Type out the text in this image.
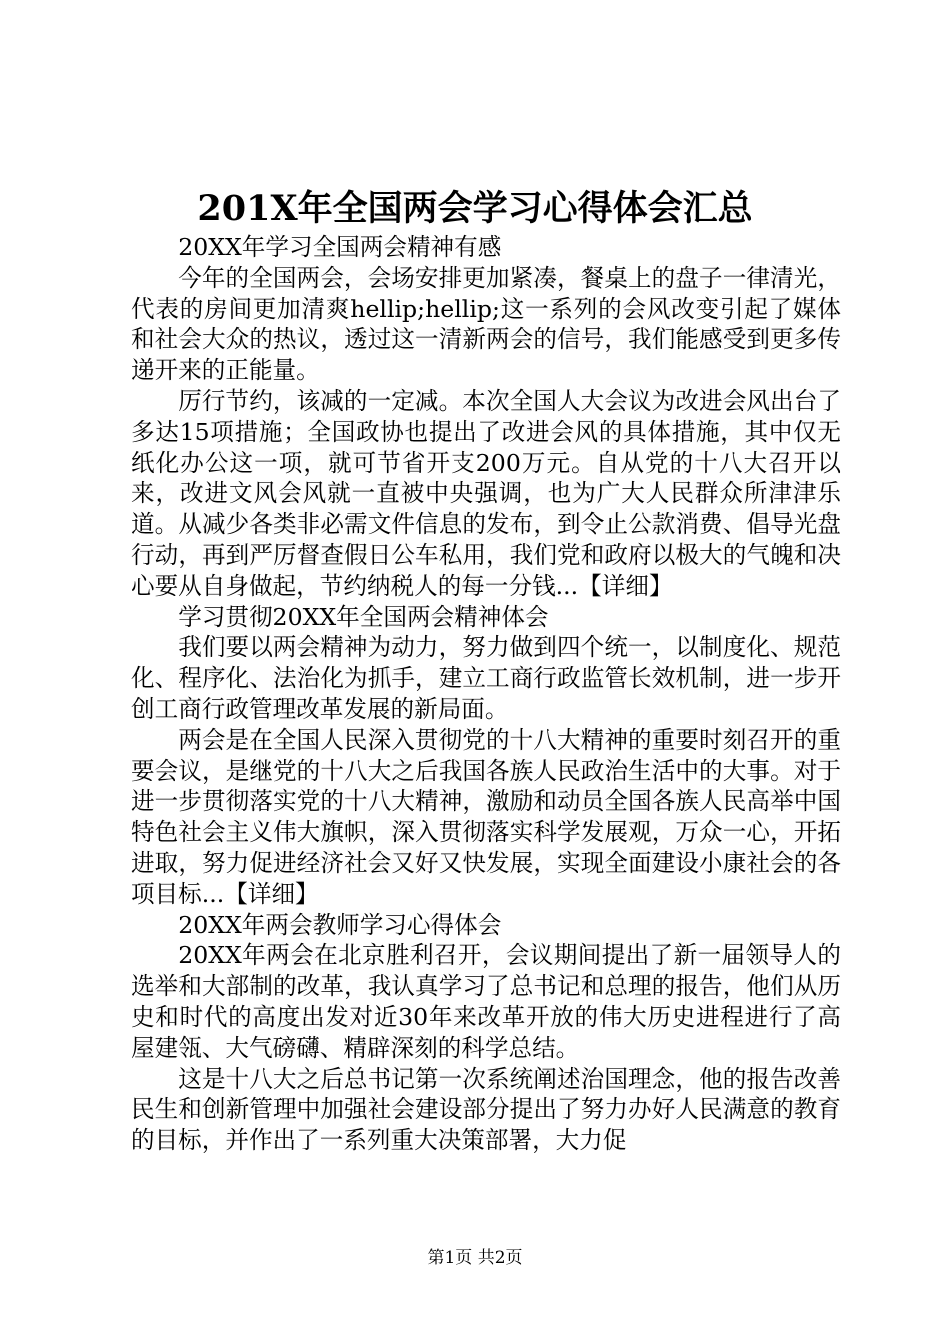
201X年全国两会学习心得体会汇总

20XX年学习全国两会精神有感

今年的全国两会，会场安排更加紧凑，餐桌上的盘子一律清光，代表的房间更加清爽hellip;hellip;这一系列的会风改变引起了媒体和社会大众的热议，透过这一清新两会的信号，我们能感受到更多传递开来的正能量。

厉行节约，该减的一定减。本次全国人大会议为改进会风出台了多达15项措施；全国政协也提出了改进会风的具体措施，其中仅无纸化办公这一项，就可节省开支200万元。自从党的十八大召开以来，改进文风会风就一直被中央强调，也为广大人民群众所津津乐道。从减少各类非必需文件信息的发布，到令止公款消费、倡导光盘行动，再到严厉督查假日公车私用，我们党和政府以极大的气魄和决心要从自身做起，节约纳税人的每一分钱...【详细】

学习贯彻20XX年全国两会精神体会

我们要以两会精神为动力，努力做到四个统一，以制度化、规范化、程序化、法治化为抓手，建立工商行政监管长效机制，进一步开创工商行政管理改革发展的新局面。

两会是在全国人民深入贯彻党的十八大精神的重要时刻召开的重要会议，是继党的十八大之后我国各族人民政治生活中的大事。对于进一步贯彻落实党的十八大精神，激励和动员全国各族人民高举中国特色社会主义伟大旗帜，深入贯彻落实科学发展观，万众一心，开拓进取，努力促进经济社会又好又快发展，实现全面建设小康社会的各项目标...【详细】

20XX年两会教师学习心得体会

20XX年两会在北京胜利召开，会议期间提出了新一届领导人的选举和大部制的改革，我认真学习了总书记和总理的报告，他们从历史和时代的高度出发对近30年来改革开放的伟大历史进程进行了高屋建瓴、大气磅礴、精辟深刻的科学总结。

这是十八大之后总书记第一次系统阐述治国理念，他的报告改善民生和创新管理中加强社会建设部分提出了努力办好人民满意的教育的目标，并作出了一系列重大决策部署，大力促

第1页 共2页
